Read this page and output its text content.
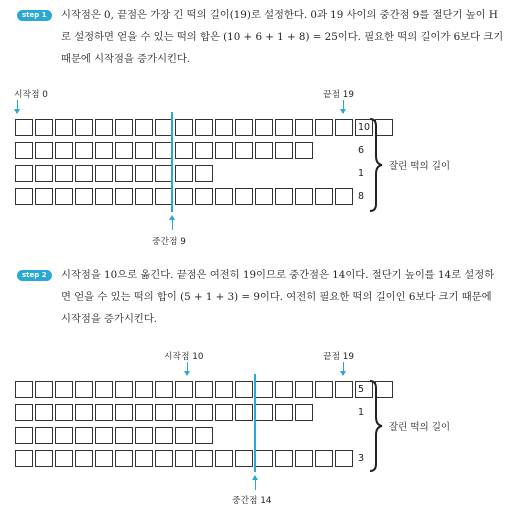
step 1	시작점은 0, 끝점은 가장 긴 떡의 길이(19)로 설정한다. 0과 19 사이의 중간점 9를 절단기 높이 H
로 설정하면 얻을 수 있는 떡의 합은 (10 + 6 + 1 + 8) = 25이다. 필요한 떡의 길이가 6보다 크기
때문에 시작점을 증가시킨다.
시작점 0	끝점 19
10
6
1
8
중간점 9
잘린 떡의 길이
step 2	시작점을 10으로 옮긴다. 끝점은 여전히 19이므로 중간점은 14이다. 절단기 높이를 14로 설정하
면 얻을 수 있는 떡의 합이 (5 + 1 + 3) = 9이다. 여전히 필요한 떡의 길이인 6보다 크기 때문에
시작점을 증가시킨다.
시작점 10	끝점 19
5
1
3
중간점 14
잘린 떡의 길이
